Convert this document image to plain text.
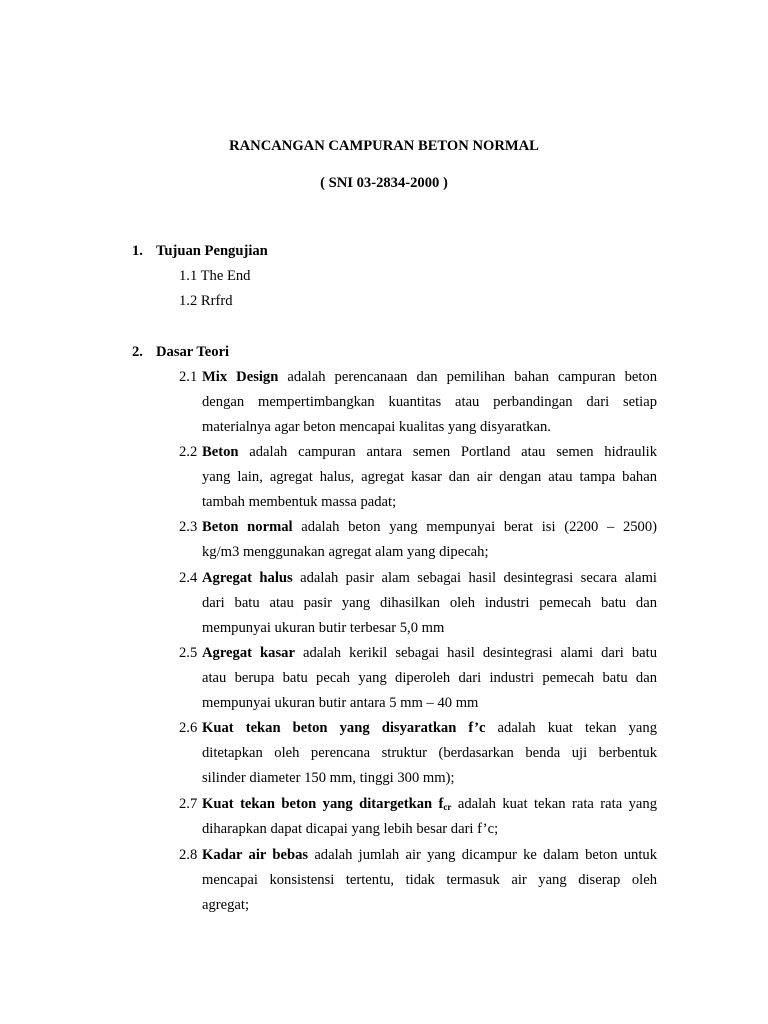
RANCANGAN CAMPURAN BETON NORMAL
( SNI 03-2834-2000 )
1. Tujuan Pengujian
1.1 The End
1.2 Rrfrd
2. Dasar Teori
2.1 Mix Design adalah perencanaan dan pemilihan bahan campuran beton
dengan mempertimbangkan kuantitas atau perbandingan dari setiap
materialnya agar beton mencapai kualitas yang disyaratkan.
2.2 Beton adalah campuran antara semen Portland atau semen hidraulik
yang lain, agregat halus, agregat kasar dan air dengan atau tampa bahan
tambah membentuk massa padat;
2.3 Beton normal adalah beton yang mempunyai berat isi (2200 – 2500)
kg/m3 menggunakan agregat alam yang dipecah;
2.4 Agregat halus adalah pasir alam sebagai hasil desintegrasi secara alami
dari batu atau pasir yang dihasilkan oleh industri pemecah batu dan
mempunyai ukuran butir terbesar 5,0 mm
2.5 Agregat kasar adalah kerikil sebagai hasil desintegrasi alami dari batu
atau berupa batu pecah yang diperoleh dari industri pemecah batu dan
mempunyai ukuran butir antara 5 mm – 40 mm
2.6 Kuat tekan beton yang disyaratkan f’c adalah kuat tekan yang
ditetapkan oleh perencana struktur (berdasarkan benda uji berbentuk
silinder diameter 150 mm, tinggi 300 mm);
2.7 Kuat tekan beton yang ditargetkan $f_{cr}$ adalah kuat tekan rata rata yang
diharapkan dapat dicapai yang lebih besar dari f’c;
2.8 Kadar air bebas adalah jumlah air yang dicampur ke dalam beton untuk
mencapai konsistensi tertentu, tidak termasuk air yang diserap oleh
agregat;
